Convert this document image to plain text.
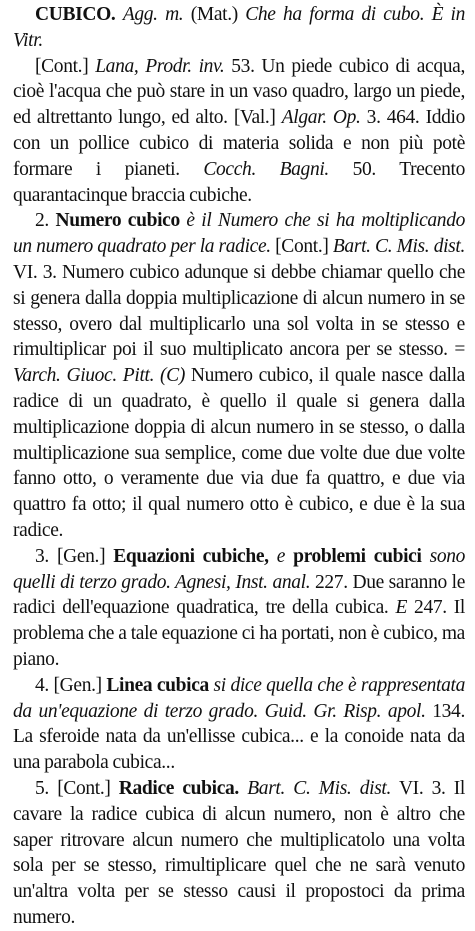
CUBICO. Agg. m. (Mat.) Che ha forma di cubo. È in Vitr.

[Cont.] Lana, Prodr. inv. 53. Un piede cubico di acqua, cioè l'acqua che può stare in un vaso quadro, largo un piede, ed altrettanto lungo, ed alto. [Val.] Algar. Op. 3. 464. Iddio con un pollice cubico di materia solida e non più potè formare i pianeti. Cocch. Bagni. 50. Trecento quarantacinque braccia cubiche.

2. Numero cubico è il Numero che si ha moltiplicando un numero quadrato per la radice. [Cont.] Bart. C. Mis. dist. VI. 3. Numero cubico adunque si debbe chiamar quello che si genera dalla doppia multiplicazione di alcun numero in se stesso, overo dal multiplicarlo una sol volta in se stesso e rimultiplicar poi il suo multiplicato ancora per se stesso. = Varch. Giuoc. Pitt. (C) Numero cubico, il quale nasce dalla radice di un quadrato, è quello il quale si genera dalla multiplicazione doppia di alcun numero in se stesso, o dalla multiplicazione sua semplice, come due volte due due volte fanno otto, o veramente due via due fa quattro, e due via quattro fa otto; il qual numero otto è cubico, e due è la sua radice.

3. [Gen.] Equazioni cubiche, e problemi cubici sono quelli di terzo grado. Agnesi, Inst. anal. 227. Due saranno le radici dell'equazione quadratica, tre della cubica. E 247. Il problema che a tale equazione ci ha portati, non è cubico, ma piano.

4. [Gen.] Linea cubica si dice quella che è rappresentata da un'equazione di terzo grado. Guid. Gr. Risp. apol. 134. La sferoide nata da un'ellisse cubica... e la conoide nata da una parabola cubica...

5. [Cont.] Radice cubica. Bart. C. Mis. dist. VI. 3. Il cavare la radice cubica di alcun numero, non è altro che saper ritrovare alcun numero che multiplicatolo una volta sola per se stesso, rimultiplicare quel che ne sarà venuto un'altra volta per se stesso causi il propostoci da prima numero.
